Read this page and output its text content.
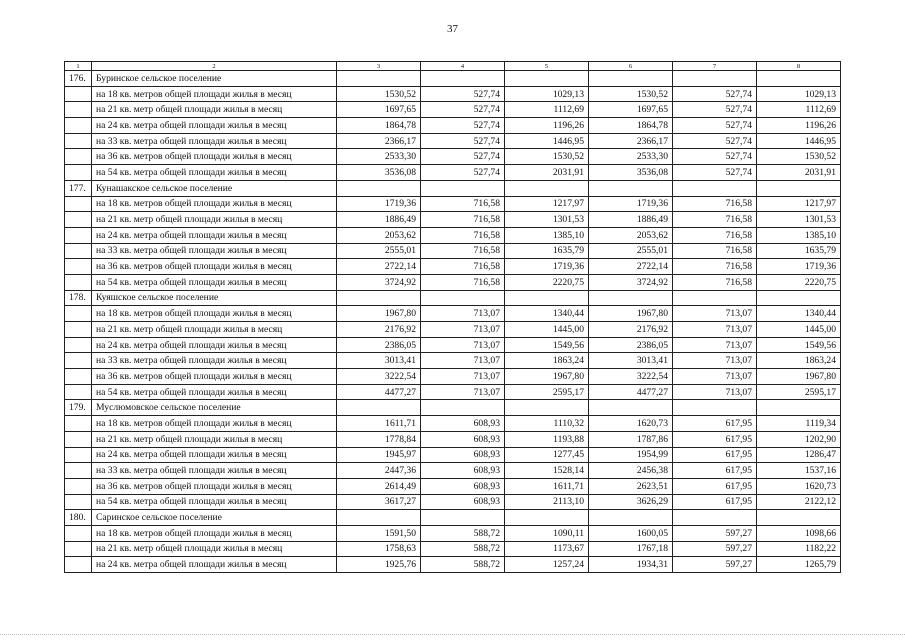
37
1	2	3	4	5	6	7	8
176.	Буринское сельское поселение						
	на 18 кв. метров общей площади жилья в месяц	1530,52	527,74	1029,13	1530,52	527,74	1029,13
	на 21 кв. метр общей площади жилья в месяц	1697,65	527,74	1112,69	1697,65	527,74	1112,69
	на 24 кв. метра общей площади жилья в месяц	1864,78	527,74	1196,26	1864,78	527,74	1196,26
	на 33 кв. метра общей площади жилья в месяц	2366,17	527,74	1446,95	2366,17	527,74	1446,95
	на 36 кв. метров общей площади жилья в месяц	2533,30	527,74	1530,52	2533,30	527,74	1530,52
	на 54 кв. метра общей площади жилья в месяц	3536,08	527,74	2031,91	3536,08	527,74	2031,91
177.	Кунашакское сельское поселение						
	на 18 кв. метров общей площади жилья в месяц	1719,36	716,58	1217,97	1719,36	716,58	1217,97
	на 21 кв. метр общей площади жилья в месяц	1886,49	716,58	1301,53	1886,49	716,58	1301,53
	на 24 кв. метра общей площади жилья в месяц	2053,62	716,58	1385,10	2053,62	716,58	1385,10
	на 33 кв. метра общей площади жилья в месяц	2555,01	716,58	1635,79	2555,01	716,58	1635,79
	на 36 кв. метров общей площади жилья в месяц	2722,14	716,58	1719,36	2722,14	716,58	1719,36
	на 54 кв. метра общей площади жилья в месяц	3724,92	716,58	2220,75	3724,92	716,58	2220,75
178.	Куяшское сельское поселение						
	на 18 кв. метров общей площади жилья в месяц	1967,80	713,07	1340,44	1967,80	713,07	1340,44
	на 21 кв. метр общей площади жилья в месяц	2176,92	713,07	1445,00	2176,92	713,07	1445,00
	на 24 кв. метра общей площади жилья в месяц	2386,05	713,07	1549,56	2386,05	713,07	1549,56
	на 33 кв. метра общей площади жилья в месяц	3013,41	713,07	1863,24	3013,41	713,07	1863,24
	на 36 кв. метров общей площади жилья в месяц	3222,54	713,07	1967,80	3222,54	713,07	1967,80
	на 54 кв. метра общей площади жилья в месяц	4477,27	713,07	2595,17	4477,27	713,07	2595,17
179.	Муслюмовское сельское поселение						
	на 18 кв. метров общей площади жилья в месяц	1611,71	608,93	1110,32	1620,73	617,95	1119,34
	на 21 кв. метр общей площади жилья в месяц	1778,84	608,93	1193,88	1787,86	617,95	1202,90
	на 24 кв. метра общей площади жилья в месяц	1945,97	608,93	1277,45	1954,99	617,95	1286,47
	на 33 кв. метра общей площади жилья в месяц	2447,36	608,93	1528,14	2456,38	617,95	1537,16
	на 36 кв. метров общей площади жилья в месяц	2614,49	608,93	1611,71	2623,51	617,95	1620,73
	на 54 кв. метра общей площади жилья в месяц	3617,27	608,93	2113,10	3626,29	617,95	2122,12
180.	Саринское сельское поселение						
	на 18 кв. метров общей площади жилья в месяц	1591,50	588,72	1090,11	1600,05	597,27	1098,66
	на 21 кв. метр общей площади жилья в месяц	1758,63	588,72	1173,67	1767,18	597,27	1182,22
	на 24 кв. метра общей площади жилья в месяц	1925,76	588,72	1257,24	1934,31	597,27	1265,79
